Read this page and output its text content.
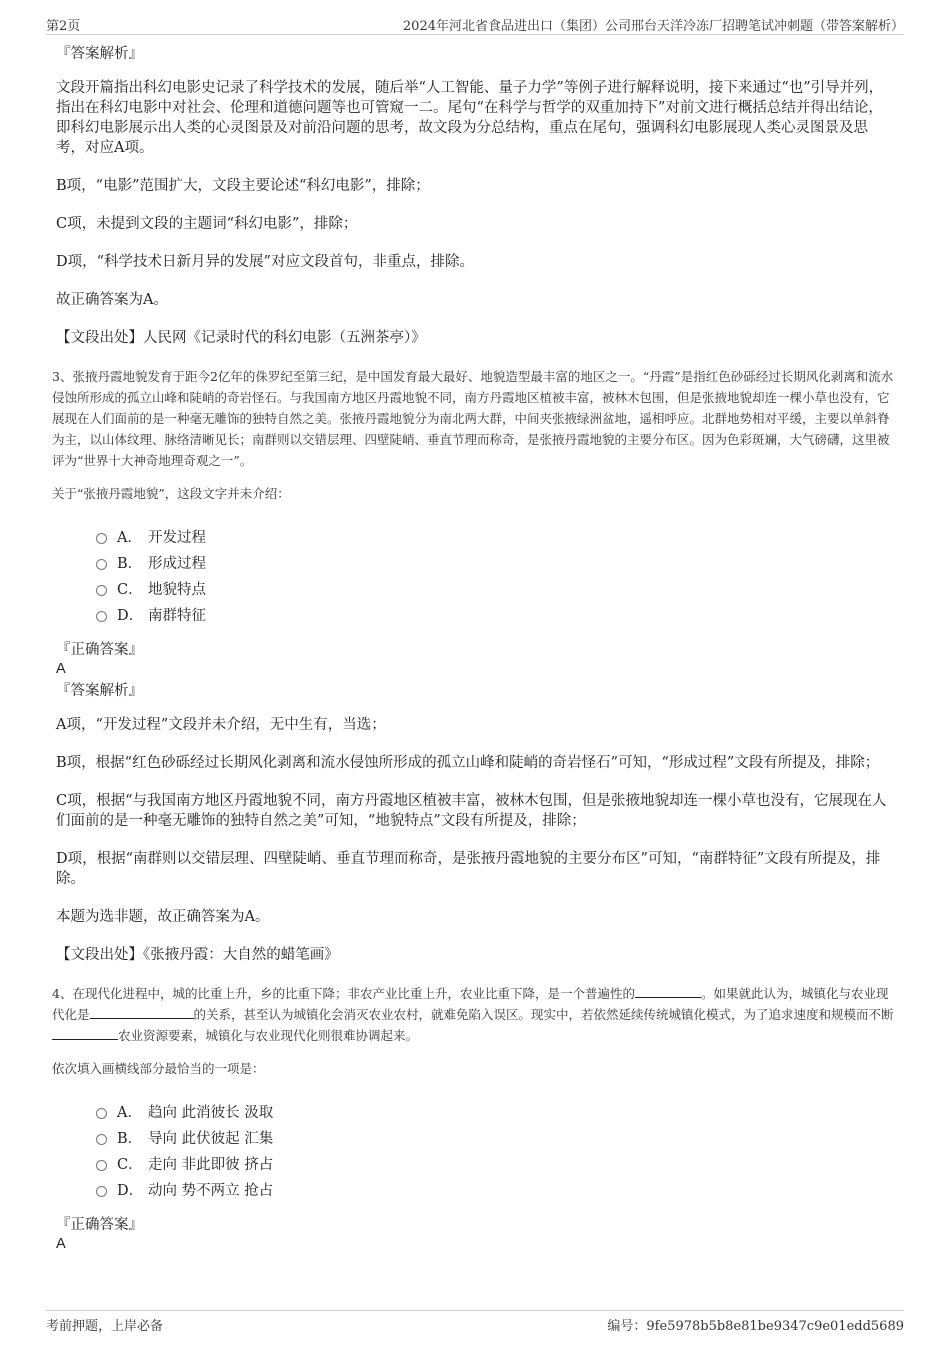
第2页	2024年河北省食品进出口（集团）公司邢台天洋冷冻厂招聘笔试冲刺题（带答案解析）

『答案解析』

文段开篇指出科幻电影史记录了科学技术的发展，随后举“人工智能、量子力学”等例子进行解释说明，接下来通过“也”引导并列，指出在科幻电影中对社会、伦理和道德问题等也可管窥一二。尾句“在科学与哲学的双重加持下”对前文进行概括总结并得出结论，即科幻电影展示出人类的心灵图景及对前沿问题的思考，故文段为分总结构，重点在尾句，强调科幻电影展现人类心灵图景及思考，对应A项。

B项，“电影”范围扩大，文段主要论述“科幻电影”，排除；

C项，未提到文段的主题词“科幻电影”，排除；

D项，“科学技术日新月异的发展”对应文段首句，非重点，排除。

故正确答案为A。

【文段出处】人民网《记录时代的科幻电影（五洲茶亭）》

3、张掖丹霞地貌发育于距今2亿年的侏罗纪至第三纪，是中国发育最大最好、地貌造型最丰富的地区之一。“丹霞”是指红色砂砾经过长期风化剥离和流水侵蚀所形成的孤立山峰和陡峭的奇岩怪石。与我国南方地区丹霞地貌不同，南方丹霞地区植被丰富，被林木包围，但是张掖地貌却连一棵小草也没有，它展现在人们面前的是一种毫无雕饰的独特自然之美。张掖丹霞地貌分为南北两大群，中间夹张掖绿洲盆地，遥相呼应。北群地势相对平缓，主要以单斜脊为主，以山体纹理、脉络清晰见长；南群则以交错层理、四壁陡峭、垂直节理而称奇，是张掖丹霞地貌的主要分布区。因为色彩斑斓，大气磅礴，这里被评为“世界十大神奇地理奇观之一”。

关于“张掖丹霞地貌”，这段文字并未介绍：

A． 开发过程
B． 形成过程
C． 地貌特点
D． 南群特征

『正确答案』

A

『答案解析』

A项，“开发过程”文段并未介绍，无中生有，当选；

B项，根据“红色砂砾经过长期风化剥离和流水侵蚀所形成的孤立山峰和陡峭的奇岩怪石”可知，“形成过程”文段有所提及，排除；

C项，根据“与我国南方地区丹霞地貌不同，南方丹霞地区植被丰富，被林木包围，但是张掖地貌却连一棵小草也没有，它展现在人们面前的是一种毫无雕饰的独特自然之美”可知，“地貌特点”文段有所提及，排除；

D项，根据“南群则以交错层理、四壁陡峭、垂直节理而称奇，是张掖丹霞地貌的主要分布区”可知，“南群特征”文段有所提及，排除。

本题为选非题，故正确答案为A。

【文段出处】《张掖丹霞：大自然的蜡笔画》

4、在现代化进程中，城的比重上升，乡的比重下降；非农产业比重上升，农业比重下降，是一个普遍性的	。如果就此认为，城镇化与农业现代化是	的关系，甚至认为城镇化会消灭农业农村，就难免陷入误区。现实中，若依然延续传统城镇化模式，为了追求速度和规模而不断农业资源要素，城镇化与农业现代化则很难协调起来。

依次填入画横线部分最恰当的一项是：

A． 趋向 此消彼长 汲取
B． 导向 此伏彼起 汇集
C． 走向 非此即彼 挤占
D． 动向 势不两立 抢占

『正确答案』

A

考前押题，上岸必备	编号：9fe5978b5b8e81be9347c9e01edd5689
